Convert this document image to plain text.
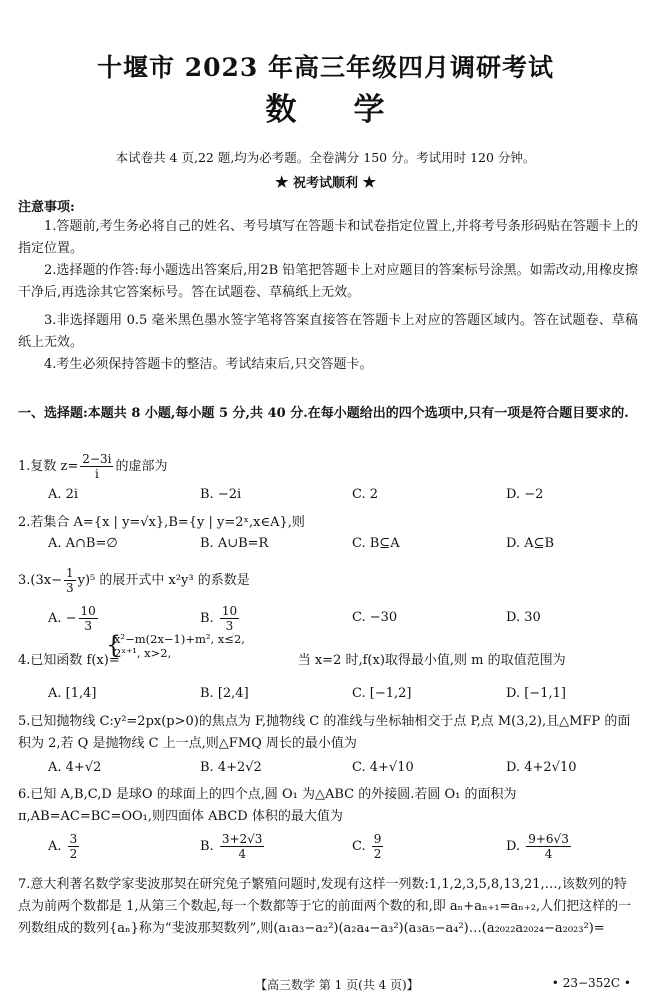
十堰市 2023 年高三年级四月调研考试
数 学
本试卷共 4 页,22 题,均为必考题。全卷满分 150 分。考试用时 120 分钟。
★ 祝考试顺利 ★
注意事项:
1.答题前,考生务必将自己的姓名、考号填写在答题卡和试卷指定位置上,并将考号条形码贴在答题卡上的指定位置。
2.选择题的作答:每小题选出答案后,用2B 铅笔把答题卡上对应题目的答案标号涂黑。如需改动,用橡皮擦干净后,再选涂其它答案标号。答在试题卷、草稿纸上无效。
3.非选择题用 0.5 毫米黑色墨水签字笔将答案直接答在答题卡上对应的答题区域内。答在试题卷、草稿纸上无效。
4.考生必须保持答题卡的整洁。考试结束后,只交答题卡。
一、选择题:本题共 8 小题,每小题 5 分,共 40 分.在每小题给出的四个选项中,只有一项是符合题目要求的.
1.复数 $z= \frac{2-3i}{i}$ 的虚部为
A. 2i	B. −2i	C. 2	D. −2
2.若集合 A={x | y=√x},B={y | y=2ˣ,x∈A},则
A. A∩B=∅	B. A∪B=R	C. B⊆A	D. A⊆B
$3.(3x- \frac{1}{3} y)^5$ 的展开式中 x²y³ 的系数是
A. − $\frac{10}{3}$	B. $\frac{10}{3}$	C. −30	D. 30
4.已知函数 f(x)=	当 x=2 时,f(x)取得最小值,则 m 的取值范围为
{
x²−m(2x−1)+m², x≤2,
2ˣ⁺¹, x>2,
A. [1,4]	B. [2,4]	C. [−1,2]	D. [−1,1]
5.已知抛物线 C:y²=2px(p>0)的焦点为 F,抛物线 C 的准线与坐标轴相交于点 P,点 M(3,2),且△MFP 的面积为 2,若 Q 是抛物线 C 上一点,则△FMQ 周长的最小值为
A. 4+√2	B. 4+2√2	C. 4+√10	D. 4+2√10
6.已知 A,B,C,D 是球O 的球面上的四个点,圆 O₁ 为△ABC 的外接圆.若圆 O₁ 的面积为 π,AB=AC=BC=OO₁,则四面体 ABCD 体积的最大值为
A. $\frac{3}{2}$	B. $\frac{3+2√3}{4}$	C. $\frac{9}{2}$	D. $\frac{9+6√3}{4}$
7.意大利著名数学家斐波那契在研究兔子繁殖问题时,发现有这样一列数:1,1,2,3,5,8,13,21,…,该数列的特点为前两个数都是 1,从第三个数起,每一个数都等于它的前面两个数的和,即 aₙ+aₙ₊₁=aₙ₊₂,人们把这样的一列数组成的数列{aₙ}称为“斐波那契数列”,则(a₁a₃−a₂²)(a₂a₄−a₃²)(a₃a₅−a₄²)…(a₂₀₂₂a₂₀₂₄−a₂₀₂₃²)=
【高三数学 第 1 页(共 4 页)】	• 23−352C •
